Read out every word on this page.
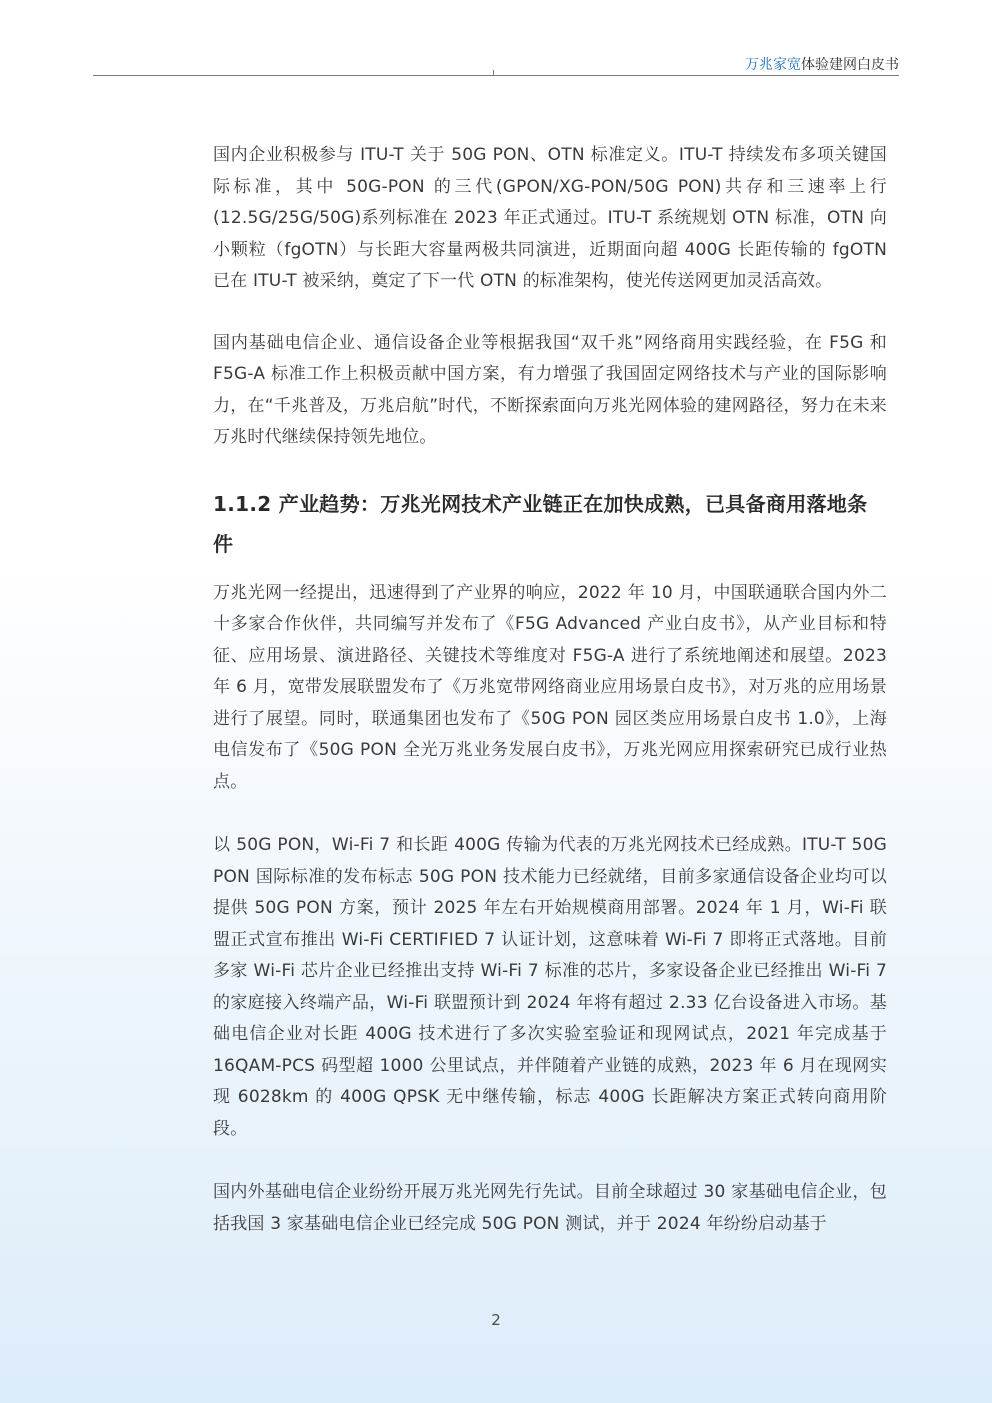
万兆家宽体验建网白皮书

国内企业积极参与 ITU-T 关于 50G PON、OTN 标准定义。ITU-T 持续发布多项关键国际标准，其中 50G-PON 的三代(GPON/XG-PON/50G PON)共存和三速率上行(12.5G/25G/50G)系列标准在 2023 年正式通过。ITU-T 系统规划 OTN 标准，OTN 向小颗粒（fgOTN）与长距大容量两极共同演进，近期面向超 400G 长距传输的 fgOTN 已在 ITU-T 被采纳，奠定了下一代 OTN 的标准架构，使光传送网更加灵活高效。

国内基础电信企业、通信设备企业等根据我国“双千兆”网络商用实践经验，在 F5G 和 F5G-A 标准工作上积极贡献中国方案，有力增强了我国固定网络技术与产业的国际影响力，在“千兆普及，万兆启航”时代，不断探索面向万兆光网体验的建网路径，努力在未来万兆时代继续保持领先地位。

1.1.2 产业趋势：万兆光网技术产业链正在加快成熟，已具备商用落地条件

万兆光网一经提出，迅速得到了产业界的响应，2022 年 10 月，中国联通联合国内外二十多家合作伙伴，共同编写并发布了《F5G Advanced 产业白皮书》，从产业目标和特征、应用场景、演进路径、关键技术等维度对 F5G-A 进行了系统地阐述和展望。2023 年 6 月，宽带发展联盟发布了《万兆宽带网络商业应用场景白皮书》，对万兆的应用场景进行了展望。同时，联通集团也发布了《50G PON 园区类应用场景白皮书 1.0》，上海电信发布了《50G PON 全光万兆业务发展白皮书》，万兆光网应用探索研究已成行业热点。

以 50G PON，Wi-Fi 7 和长距 400G 传输为代表的万兆光网技术已经成熟。ITU-T 50G PON 国际标准的发布标志 50G PON 技术能力已经就绪，目前多家通信设备企业均可以提供 50G PON 方案，预计 2025 年左右开始规模商用部署。2024 年 1 月，Wi-Fi 联盟正式宣布推出 Wi-Fi CERTIFIED 7 认证计划，这意味着 Wi-Fi 7 即将正式落地。目前多家 Wi-Fi 芯片企业已经推出支持 Wi-Fi 7 标准的芯片，多家设备企业已经推出 Wi-Fi 7 的家庭接入终端产品，Wi-Fi 联盟预计到 2024 年将有超过 2.33 亿台设备进入市场。基础电信企业对长距 400G 技术进行了多次实验室验证和现网试点，2021 年完成基于 16QAM-PCS 码型超 1000 公里试点，并伴随着产业链的成熟，2023 年 6 月在现网实现 6028km 的 400G QPSK 无中继传输，标志 400G 长距解决方案正式转向商用阶段。

国内外基础电信企业纷纷开展万兆光网先行先试。目前全球超过 30 家基础电信企业，包括我国 3 家基础电信企业已经完成 50G PON 测试，并于 2024 年纷纷启动基于

2
